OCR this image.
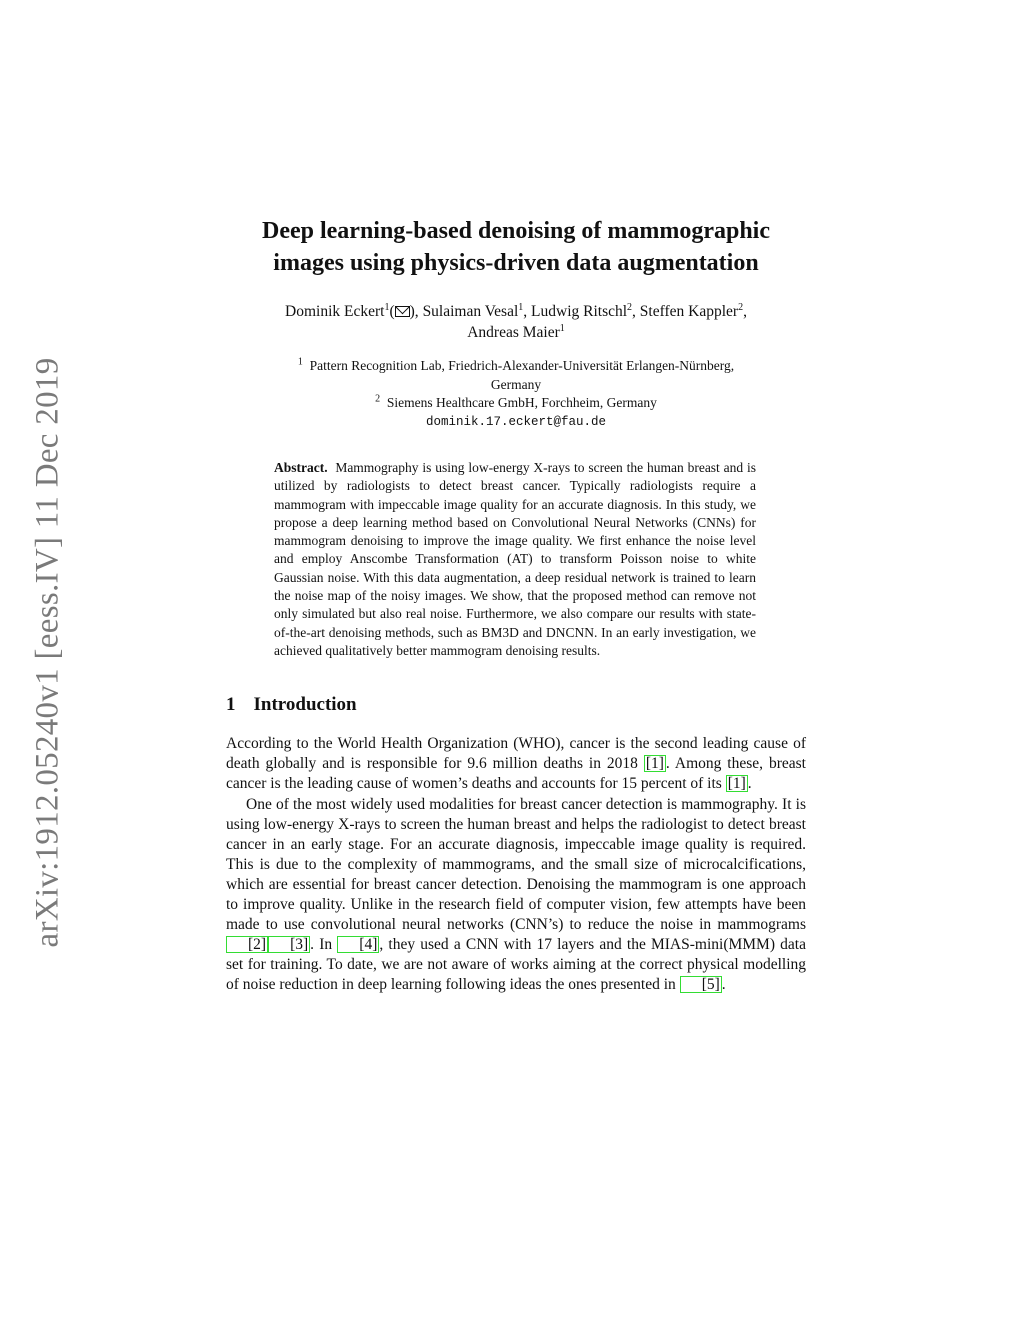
arXiv:1912.05240v1 [eess.IV] 11 Dec 2019
Deep learning-based denoising of mammographic
images using physics-driven data augmentation
Dominik Eckert$^1$( ), Sulaiman Vesal$^1$, Ludwig Ritschl$^2$, Steffen Kappler$^2$,
Andreas Maier$^1$
$^1$ Pattern Recognition Lab, Friedrich-Alexander-Universität Erlangen-Nürnberg,
Germany
$^2$ Siemens Healthcare GmbH, Forchheim, Germany
dominik.17.eckert@fau.de
Abstract. Mammography is using low-energy X-rays to screen the human breast and is utilized by radiologists to detect breast cancer. Typically radiologists require a mammogram with impeccable image quality for an accurate diagnosis. In this study, we propose a deep learning method based on Convolutional Neural Networks (CNNs) for mammogram denoising to improve the image quality. We first enhance the noise level and employ Anscombe Transformation (AT) to transform Poisson noise to white Gaussian noise. With this data augmentation, a deep residual network is trained to learn the noise map of the noisy images. We show, that the proposed method can remove not only simulated but also real noise. Furthermore, we also compare our results with state-of-the-art denoising methods, such as BM3D and DNCNN. In an early investigation, we achieved qualitatively better mammogram denoising results.
1 Introduction

According to the World Health Organization (WHO), cancer is the second leading cause of death globally and is responsible for 9.6 million deaths in 2018 [1] . Among these, breast cancer is the leading cause of women’s deaths and accounts for 15 percent of its [1] .

One of the most widely used modalities for breast cancer detection is mammography. It is using low-energy X-rays to screen the human breast and helps the radiologist to detect breast cancer in an early stage. For an accurate diagnosis, impeccable image quality is required. This is due to the complexity of mammograms, and the small size of microcalcifications, which are essential for breast cancer detection. Denoising the mammogram is one approach to improve quality. Unlike in the research field of computer vision, few attempts have been made to use convolutional neural networks (CNN’s) to reduce the noise in mammograms [2] [3] . In [4] , they used a CNN with 17 layers and the MIAS-mini(MMM) data set for training. To date, we are not aware of works aiming at the correct physical modelling of noise reduction in deep learning following ideas the ones presented in [5] .
